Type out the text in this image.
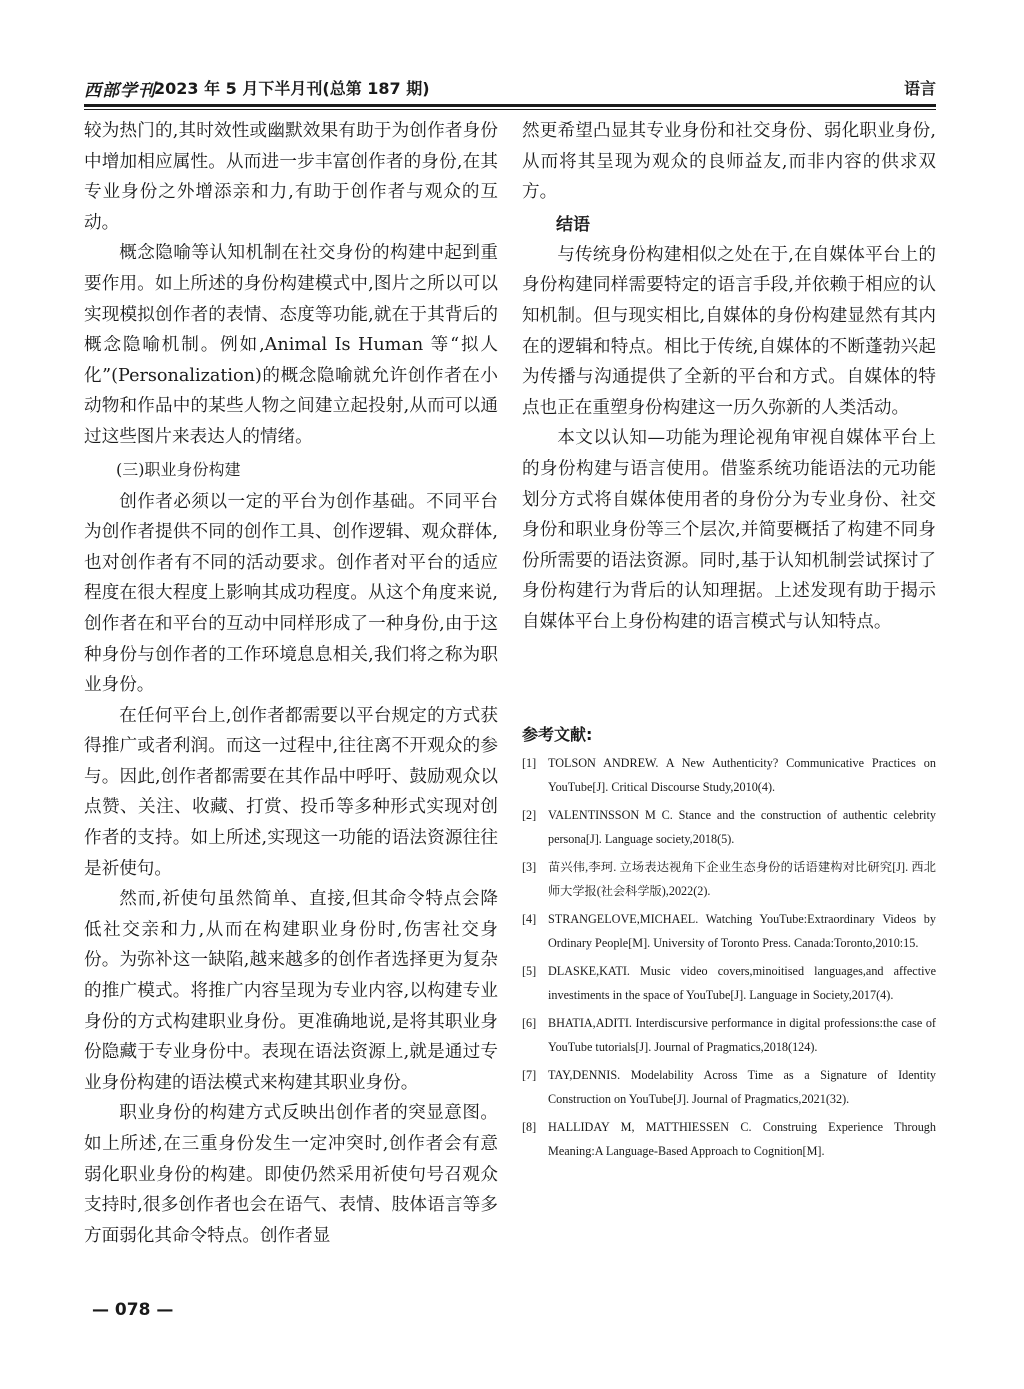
西部学刊
2023 年 5 月下半月刊(总第 187 期)	语言

较为热门的,其时效性或幽默效果有助于为创作者身份中增加相应属性。从而进一步丰富创作者的身份,在其专业身份之外增添亲和力,有助于创作者与观众的互动。

概念隐喻等认知机制在社交身份的构建中起到重要作用。如上所述的身份构建模式中,图片之所以可以实现模拟创作者的表情、态度等功能,就在于其背后的概念隐喻机制。例如,Animal Is Human 等“拟人化”(Personalization)的概念隐喻就允许创作者在小动物和作品中的某些人物之间建立起投射,从而可以通过这些图片来表达人的情绪。

(三)职业身份构建

创作者必须以一定的平台为创作基础。不同平台为创作者提供不同的创作工具、创作逻辑、观众群体,也对创作者有不同的活动要求。创作者对平台的适应程度在很大程度上影响其成功程度。从这个角度来说,创作者在和平台的互动中同样形成了一种身份,由于这种身份与创作者的工作环境息息相关,我们将之称为职业身份。

在任何平台上,创作者都需要以平台规定的方式获得推广或者利润。而这一过程中,往往离不开观众的参与。因此,创作者都需要在其作品中呼吁、鼓励观众以点赞、关注、收藏、打赏、投币等多种形式实现对创作者的支持。如上所述,实现这一功能的语法资源往往是祈使句。

然而,祈使句虽然简单、直接,但其命令特点会降低社交亲和力,从而在构建职业身份时,伤害社交身份。为弥补这一缺陷,越来越多的创作者选择更为复杂的推广模式。将推广内容呈现为专业内容,以构建专业身份的方式构建职业身份。更准确地说,是将其职业身份隐藏于专业身份中。表现在语法资源上,就是通过专业身份构建的语法模式来构建其职业身份。

职业身份的构建方式反映出创作者的突显意图。如上所述,在三重身份发生一定冲突时,创作者会有意弱化职业身份的构建。即使仍然采用祈使句号召观众支持时,很多创作者也会在语气、表情、肢体语言等多方面弱化其命令特点。创作者显

然更希望凸显其专业身份和社交身份、弱化职业身份,从而将其呈现为观众的良师益友,而非内容的供求双方。

结语

与传统身份构建相似之处在于,在自媒体平台上的身份构建同样需要特定的语言手段,并依赖于相应的认知机制。但与现实相比,自媒体的身份构建显然有其内在的逻辑和特点。相比于传统,自媒体的不断蓬勃兴起为传播与沟通提供了全新的平台和方式。自媒体的特点也正在重塑身份构建这一历久弥新的人类活动。

本文以认知—功能为理论视角审视自媒体平台上的身份构建与语言使用。借鉴系统功能语法的元功能划分方式将自媒体使用者的身份分为专业身份、社交身份和职业身份等三个层次,并简要概括了构建不同身份所需要的语法资源。同时,基于认知机制尝试探讨了身份构建行为背后的认知理据。上述发现有助于揭示自媒体平台上身份构建的语言模式与认知特点。

参考文献:
[1] TOLSON ANDREW. A New Authenticity? Communicative Practices on YouTube[J]. Critical Discourse Study,2010(4).
[2] VALENTINSSON M C. Stance and the construction of authentic celebrity persona[J]. Language society,2018(5).
[3] 苗兴伟,李珂. 立场表达视角下企业生态身份的话语建构对比研究[J]. 西北师大学报(社会科学版),2022(2).
[4] STRANGELOVE,MICHAEL. Watching YouTube:Extraordinary Videos by Ordinary People[M]. University of Toronto Press. Canada:Toronto,2010:15.
[5] DLASKE,KATI. Music video covers,minoitised languages,and affective investiments in the space of YouTube[J]. Language in Society,2017(4).
[6] BHATIA,ADITI. Interdiscursive performance in digital professions:the case of YouTube tutorials[J]. Journal of Pragmatics,2018(124).
[7] TAY,DENNIS. Modelability Across Time as a Signature of Identity Construction on YouTube[J]. Journal of Pragmatics,2021(32).
[8] HALLIDAY M, MATTHIESSEN C. Construing Experience Through Meaning:A Language-Based Approach to Cognition[M].
— 078 —
